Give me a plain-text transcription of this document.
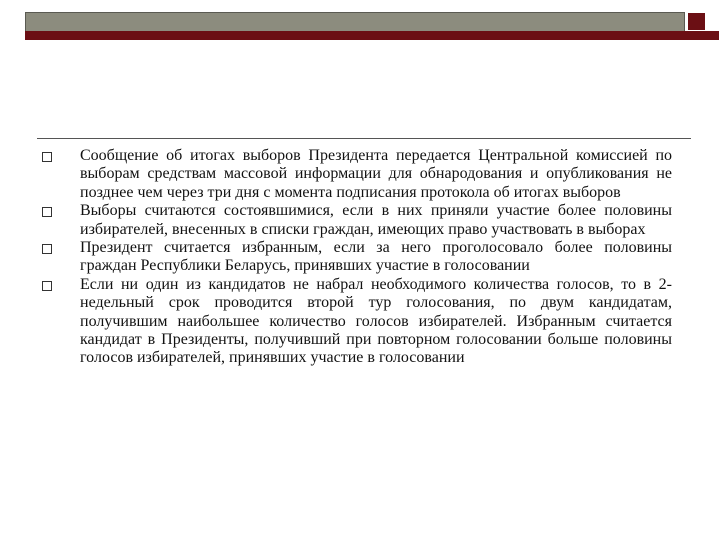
Сообщение об итогах выборов Президента передается Центральной комиссией по выборам средствам массовой информации для обнародования и опубликования не позднее чем через три дня с момента подписания протокола об итогах выборов
Выборы считаются состоявшимися, если в них приняли участие более половины избирателей, внесенных в списки граждан, имеющих право участвовать в выборах
Президент считается избранным, если за него проголосовало более половины граждан Республики Беларусь, принявших участие в голосовании
Если ни один из кандидатов не набрал необходимого количества голосов, то в 2-недельный срок проводится второй тур голосования, по двум кандидатам, получившим наибольшее количество голосов избирателей. Избранным считается кандидат в Президенты, получивший при повторном голосовании больше половины голосов избирателей, принявших участие в голосовании
